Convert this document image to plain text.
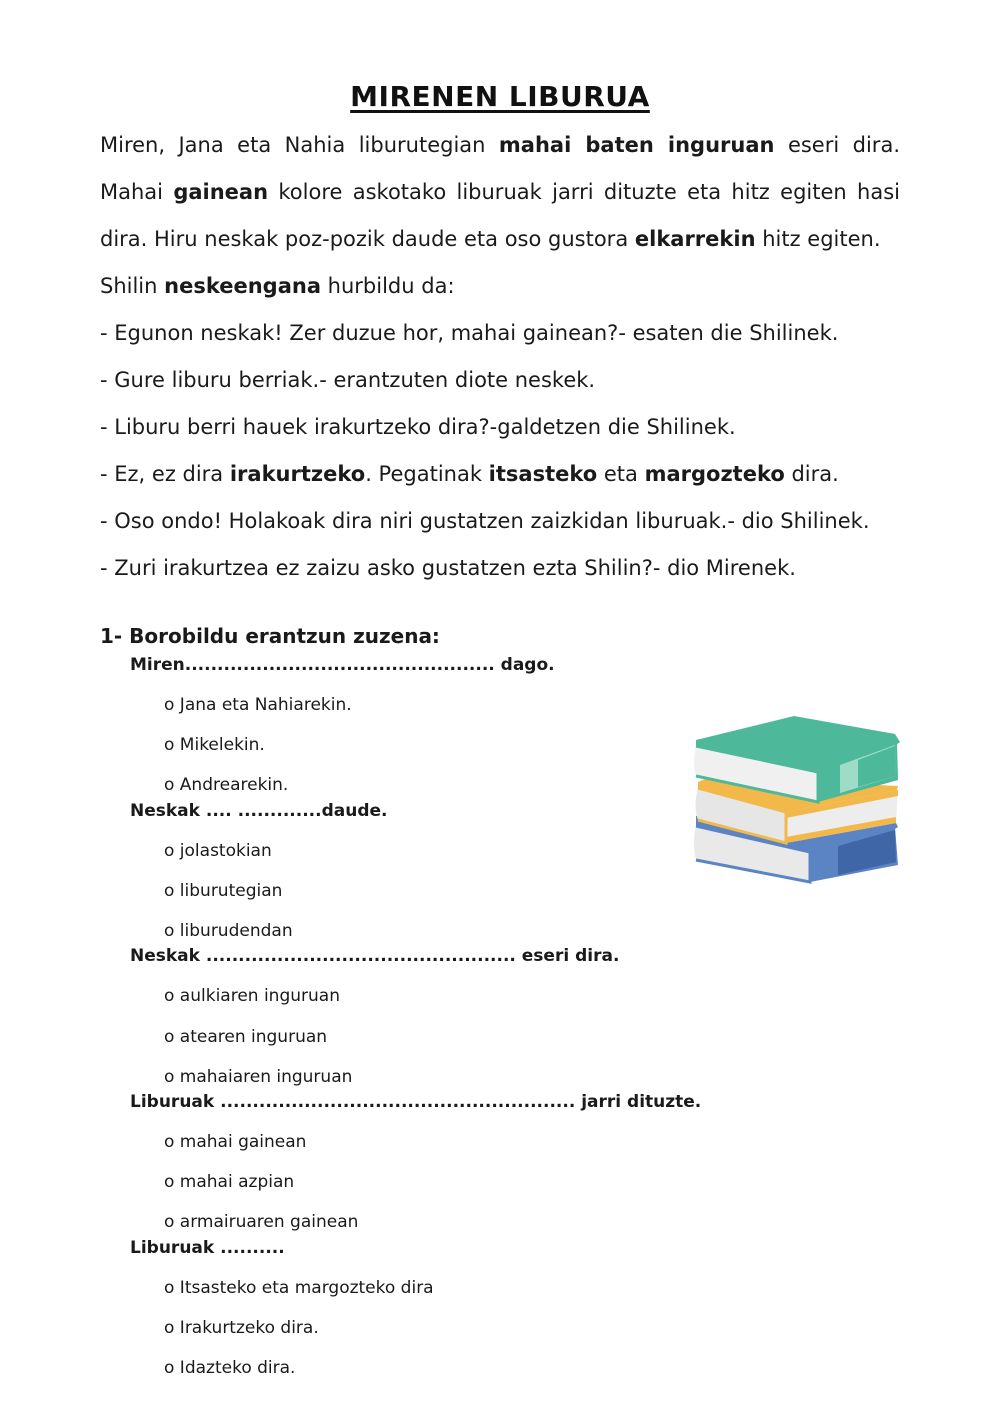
MIRENEN LIBURUA

Miren, Jana eta Nahia liburutegian mahai baten inguruan eseri dira. Mahai gainean kolore askotako liburuak jarri dituzte eta hitz egiten hasi dira. Hiru neskak poz-pozik daude eta oso gustora elkarrekin hitz egiten.

Shilin neskeengana hurbildu da:

- Egunon neskak! Zer duzue hor, mahai gainean?- esaten die Shilinek.

- Gure liburu berriak.- erantzuten diote neskek.

- Liburu berri hauek irakurtzeko dira?-galdetzen die Shilinek.

- Ez, ez dira irakurtzeko. Pegatinak itsasteko eta margozteko dira.

- Oso ondo! Holakoak dira niri gustatzen zaizkidan liburuak.- dio Shilinek.

- Zuri irakurtzea ez zaizu asko gustatzen ezta Shilin?- dio Mirenek.

1- Borobildu erantzun zuzena:
Miren................................................ dago.
o Jana eta Nahiarekin.
o Mikelekin.
o Andrearekin.
Neskak .... .............daude.
o jolastokian
o liburutegian
o liburudendan
Neskak ................................................ eseri dira.
o aulkiaren inguruan
o atearen inguruan
o mahaiaren inguruan
Liburuak ....................................................... jarri dituzte.
o mahai gainean
o mahai azpian
o armairuaren gainean
Liburuak ..........
o Itsasteko eta margozteko dira
o Irakurtzeko dira.
o Idazteko dira.
